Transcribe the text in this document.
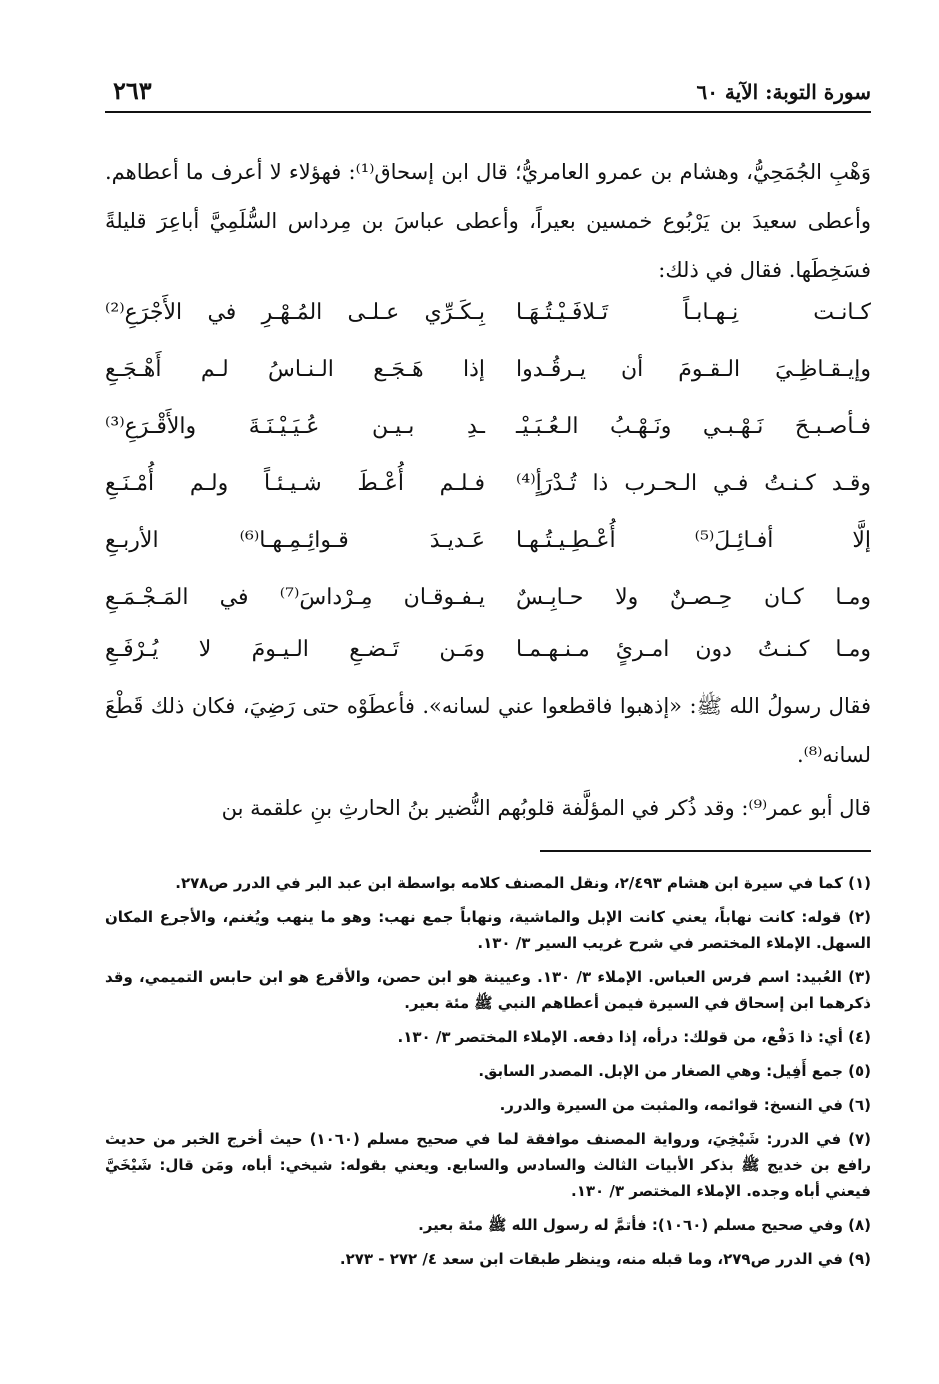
سورة التوبة: الآية ٦٠
٢٦٣

وَهْبِ الجُمَحِيُّ، وهشام بن عمرو العامريُّ؛ قال ابن إسحاق⁽¹⁾: فهؤلاء لا أعرف ما أعطاهم. وأعطى سعيدَ بن يَرْبُوع خمسين بعيراً، وأعطى عباسَ بن مِرداس السُّلَمِيَّ أباعِرَ قليلةً فسَخِطَها. فقال في ذلك:

كـانـت نِـهـابـاً تَـلافَـيْـتُـهَـا
بِـكَـرِّي عـلـى المُـهْـرِ في الأَجْرَعِ⁽²⁾
وإيـقـاظِـيَ الـقـومَ أن يـرقُـدوا
إذا هَـجَـع الـنـاسُ لـم أَهْـجَـعِ
فـأصـبـحَ نَـهْـبـي ونَـهْـبُ الـعُـبَـيْـ
ـدِ بـيـن عُـيَـيْـنَـةَ والأَقْـرَعِ⁽³⁾
وقـد كـنـتُ فـي الـحـرب ذا تُـدْرَأٍ⁽⁴⁾
فـلـم أُعْـطَ شـيـئـاً ولـم أُمْـنَـعِ
إلَّا أفـائِـلَ⁽⁵⁾ أُعْـطِـيـتُـهـا
عَـديـدَ قـوائِـمِـهـا⁽⁶⁾ الأربـعِ
ومـا كـان حِـصـنٌ ولا حـابِـسٌ
يـفـوقـان مِـرْداسَ⁽⁷⁾ في المَـجْـمَـعِ
ومـا كـنـتُ دون امـرئٍ مـنـهـمـا
ومَـن تَـضـعِ الـيـومَ لا يُـرْفَـعِ

فقال رسولُ الله ﷺ: «إذهبوا فاقطعوا عني لسانه». فأعطَوْه حتى رَضِيَ، فكان ذلك قَطْعَ لسانه⁽⁸⁾.

قال أبو عمر⁽⁹⁾: وقد ذُكر في المؤلَّفة قلوبُهم النُّضير بنُ الحارثِ بنِ علقمة بن

(١) كما في سيرة ابن هشام ٢/٤٩٣، ونقل المصنف كلامه بواسطة ابن عبد البر في الدرر ص٢٧٨.

(٢) قوله: كانت نهاباً، يعني كانت الإبل والماشية، ونهاباً جمع نهب: وهو ما ينهب ويُغنم، والأجرع المكان السهل. الإملاء المختصر في شرح غريب السير ٣/ ١٣٠.

(٣) العُبيد: اسم فرس العباس. الإملاء ٣/ ١٣٠. وعيينة هو ابن حصن، والأقرع هو ابن حابس التميمي، وقد ذكرهما ابن إسحاق في السيرة فيمن أعطاهم النبي ﷺ مئة بعير.

(٤) أي: ذا دَفْع، من قولك: درأه، إذا دفعه. الإملاء المختصر ٣/ ١٣٠.

(٥) جمع أَفِيل: وهي الصغار من الإبل. المصدر السابق.

(٦) في النسخ: قوائمه، والمثبت من السيرة والدرر.

(٧) في الدرر: شَيْخِيَ، ورواية المصنف موافقة لما في صحيح مسلم (١٠٦٠) حيث أخرج الخبر من حديث رافع بن خديج ﷺ بذكر الأبيات الثالث والسادس والسابع. ويعني بقوله: شيخي: أباه، ومَن قال: شَيْخَيَّ فيعني أباه وجده. الإملاء المختصر ٣/ ١٣٠.

(٨) وفي صحيح مسلم (١٠٦٠): فأتمَّ له رسول الله ﷺ مئة بعير.

(٩) في الدرر ص٢٧٩، وما قبله منه، وينظر طبقات ابن سعد ٤/ ٢٧٢ - ٢٧٣.
